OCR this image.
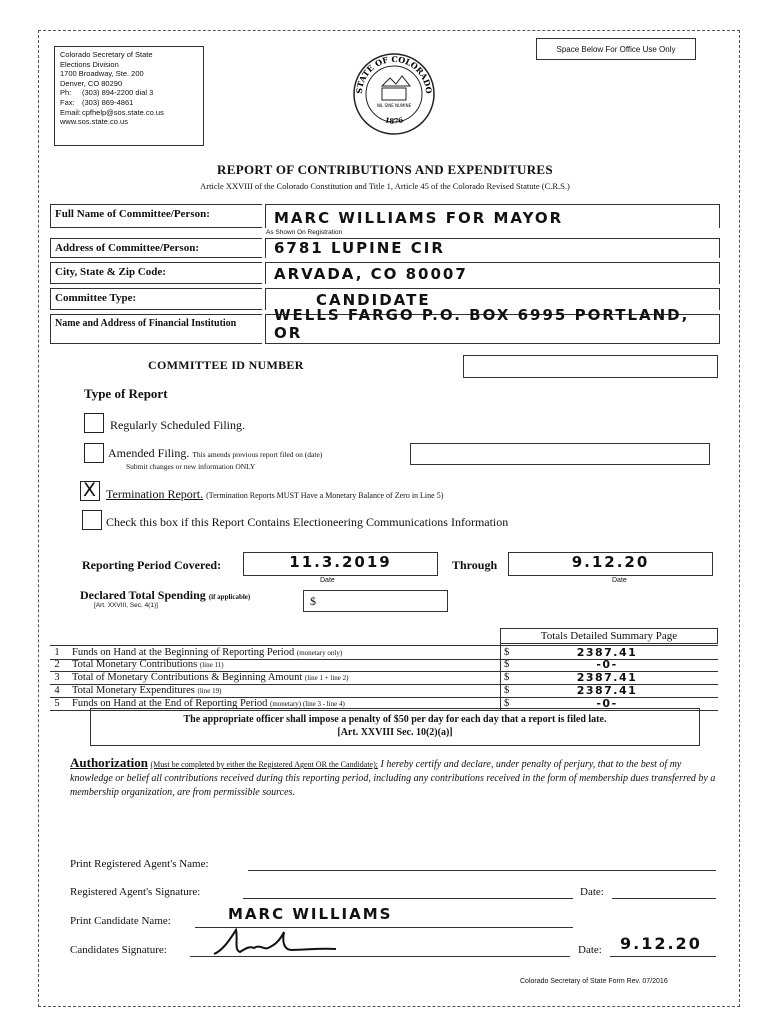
Colorado Secretary of State
Elections Division
1700 Broadway, Ste. 200
Denver, CO 80290
Ph: (303) 894-2200 dial 3
Fax: (303) 869-4861
Email:cpfhelp@sos.state.co.us
www.sos.state.co.us
STATE OF COLORADO
1876
NIL SINE NUMINE
Space Below For Office Use Only
REPORT OF CONTRIBUTIONS AND EXPENDITURES
Article XXVIII of the Colorado Constitution and Title 1, Article 45 of the Colorado Revised Statute (C.R.S.)
Full Name of Committee/Person:	MARC WILLIAMS FOR MAYOR
As Shown On Registration
Address of Committee/Person:	6781 LUPINE CIR
City, State & Zip Code:	ARVADA, CO 80007
Committee Type:	CANDIDATE
Name and Address of Financial Institution	WELLS FARGO P.O. BOX 6995 PORTLAND, OR
COMMITTEE ID NUMBER
Type of Report
Regularly Scheduled Filing.
Amended Filing. This amends previous report filed on (date)
Submit changes or new information ONLY
X Termination Report. (Termination Reports MUST Have a Monetary Balance of Zero in Line 5)
Check this box if this Report Contains Electioneering Communications Information
Reporting Period Covered:	11.3.2019
Date
Through	9.12.20
Date
Declared Total Spending (if applicable)
[Art. XXVIII, Sec. 4(1)]	$
Totals Detailed Summary Page
1	Funds on Hand at the Beginning of Reporting Period (monetary only)	$	2387.41
2	Total Monetary Contributions (line 11)	$	-0-
3	Total of Monetary Contributions & Beginning Amount (line 1 + line 2)	$	2387.41
4	Total Monetary Expenditures (line 19)	$	2387.41
5	Funds on Hand at the End of Reporting Period (monetary) (line 3 - line 4)	$	-0-
The appropriate officer shall impose a penalty of $50 per day for each day that a report is filed late.
[Art. XXVIII Sec. 10(2)(a)]
Authorization (Must be completed by either the Registered Agent OR the Candidate); I hereby certify and declare, under penalty of perjury, that to the best of my knowledge or belief all contributions received during this reporting period, including any contributions received in the form of membership dues transferred by a membership organization, are from permissible sources.
Print Registered Agent's Name:
Registered Agent's Signature:	Date:
Print Candidate Name:	MARC WILLIAMS
Candidates Signature:	Date: 9.12.20
Colorado Secretary of State Form Rev. 07/2016
